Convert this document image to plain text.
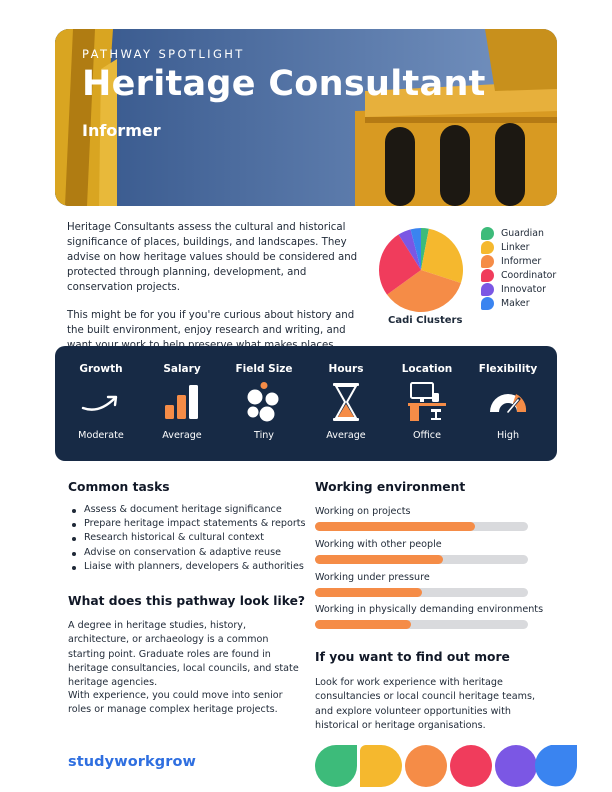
PATHWAY SPOTLIGHT
Heritage Consultant
Informer

Heritage Consultants assess the cultural and historical significance of places, buildings, and landscapes. They advise on how heritage values should be considered and protected through planning, development, and conservation projects.

This might be for you if you're curious about history and the built environment, enjoy research and writing, and

Cadi Clusters
Guardian
Linker
Informer
Coordinator
Innovator
Maker
Growth
Moderate
Salary
Average
Field Size
Tiny
Hours
Average
Location
Office
Flexibility
High
Common tasks
Assess & document heritage significance
Prepare heritage impact statements & reports
Research historical & cultural context
Advise on conservation & adaptive reuse
Liaise with planners, developers & authorities
What does this pathway look like?
A degree in heritage studies, history, architecture, or archaeology is a common starting point. Graduate roles are found in heritage consultancies, local councils, and state heritage agencies.
With experience, you could move into senior roles or manage complex heritage projects.
Working environment
Working on projects
Working with other people
Working under pressure
Working in physically demanding environments
If you want to find out more
Look for work experience with heritage consultancies or local council heritage teams, and explore volunteer opportunities with historical or heritage organisations.
studyworkgrow
